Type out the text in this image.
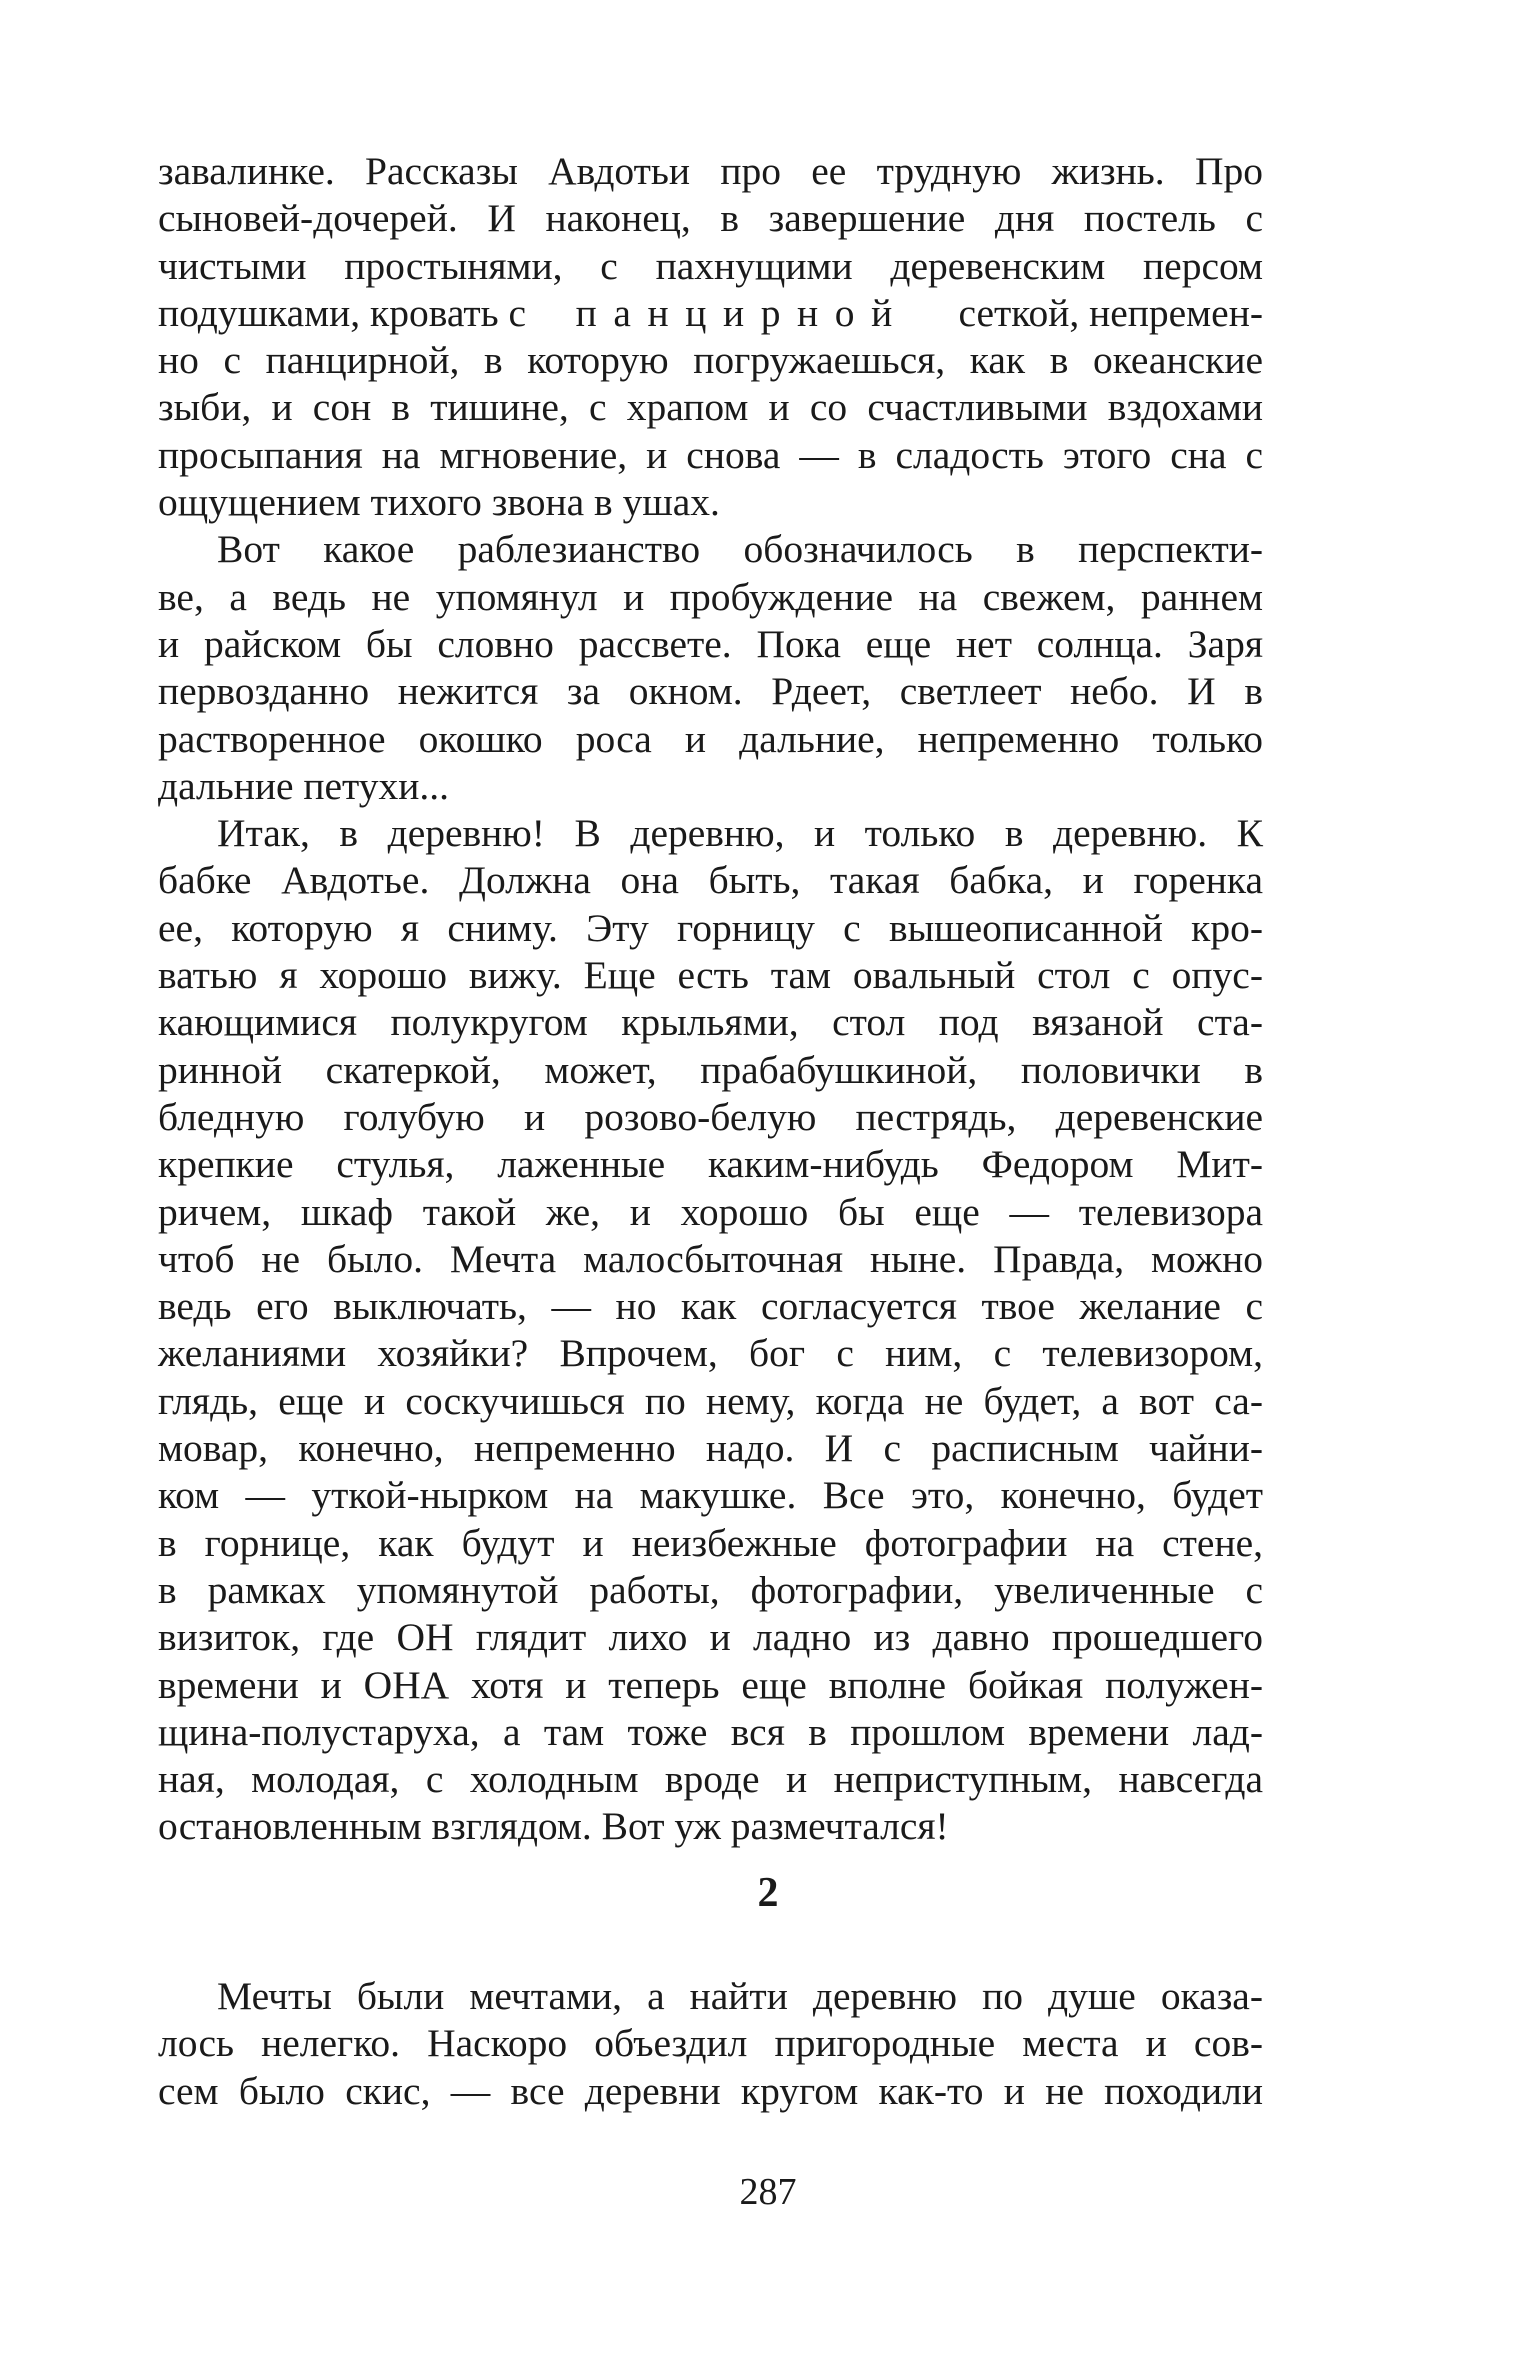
завалинке. Рассказы Авдотьи про ее трудную жизнь. Про
сыновей-дочерей. И наконец, в завершение дня постель с
чистыми простынями, с пахнущими деревенским персом
подушками, кровать с панцирной сеткой, непремен-
но с панцирной, в которую погружаешься, как в океанские
зыби, и сон в тишине, с храпом и со счастливыми вздохами
просыпания на мгновение, и снова — в сладость этого сна с
ощущением тихого звона в ушах.
Вот какое раблезианство обозначилось в перспекти-
ве, а ведь не упомянул и пробуждение на свежем, раннем
и райском бы словно рассвете. Пока еще нет солнца. Заря
первозданно нежится за окном. Рдеет, светлеет небо. И в
растворенное окошко роса и дальние, непременно только
дальние петухи...
Итак, в деревню! В деревню, и только в деревню. К
бабке Авдотье. Должна она быть, такая бабка, и горенка
ее, которую я сниму. Эту горницу с вышеописанной кро-
ватью я хорошо вижу. Еще есть там овальный стол с опус-
кающимися полукругом крыльями, стол под вязаной ста-
ринной скатеркой, может, прабабушкиной, половички в
бледную голубую и розово-белую пестрядь, деревенские
крепкие стулья, лаженные каким-нибудь Федором Мит-
ричем, шкаф такой же, и хорошо бы еще — телевизора
чтоб не было. Мечта малосбыточная ныне. Правда, можно
ведь его выключать, — но как согласуется твое желание с
желаниями хозяйки? Впрочем, бог с ним, с телевизором,
глядь, еще и соскучишься по нему, когда не будет, а вот са-
мовар, конечно, непременно надо. И с расписным чайни-
ком — уткой-нырком на макушке. Все это, конечно, будет
в горнице, как будут и неизбежные фотографии на стене,
в рамках упомянутой работы, фотографии, увеличенные с
визиток, где ОН глядит лихо и ладно из давно прошедшего
времени и ОНА хотя и теперь еще вполне бойкая полужен-
щина-полустаруха, а там тоже вся в прошлом времени лад-
ная, молодая, с холодным вроде и неприступным, навсегда
остановленным взглядом. Вот уж размечтался!
2
Мечты были мечтами, а найти деревню по душе оказа-
лось нелегко. Наскоро объездил пригородные места и сов-
сем было скис, — все деревни кругом как-то и не походили
287
